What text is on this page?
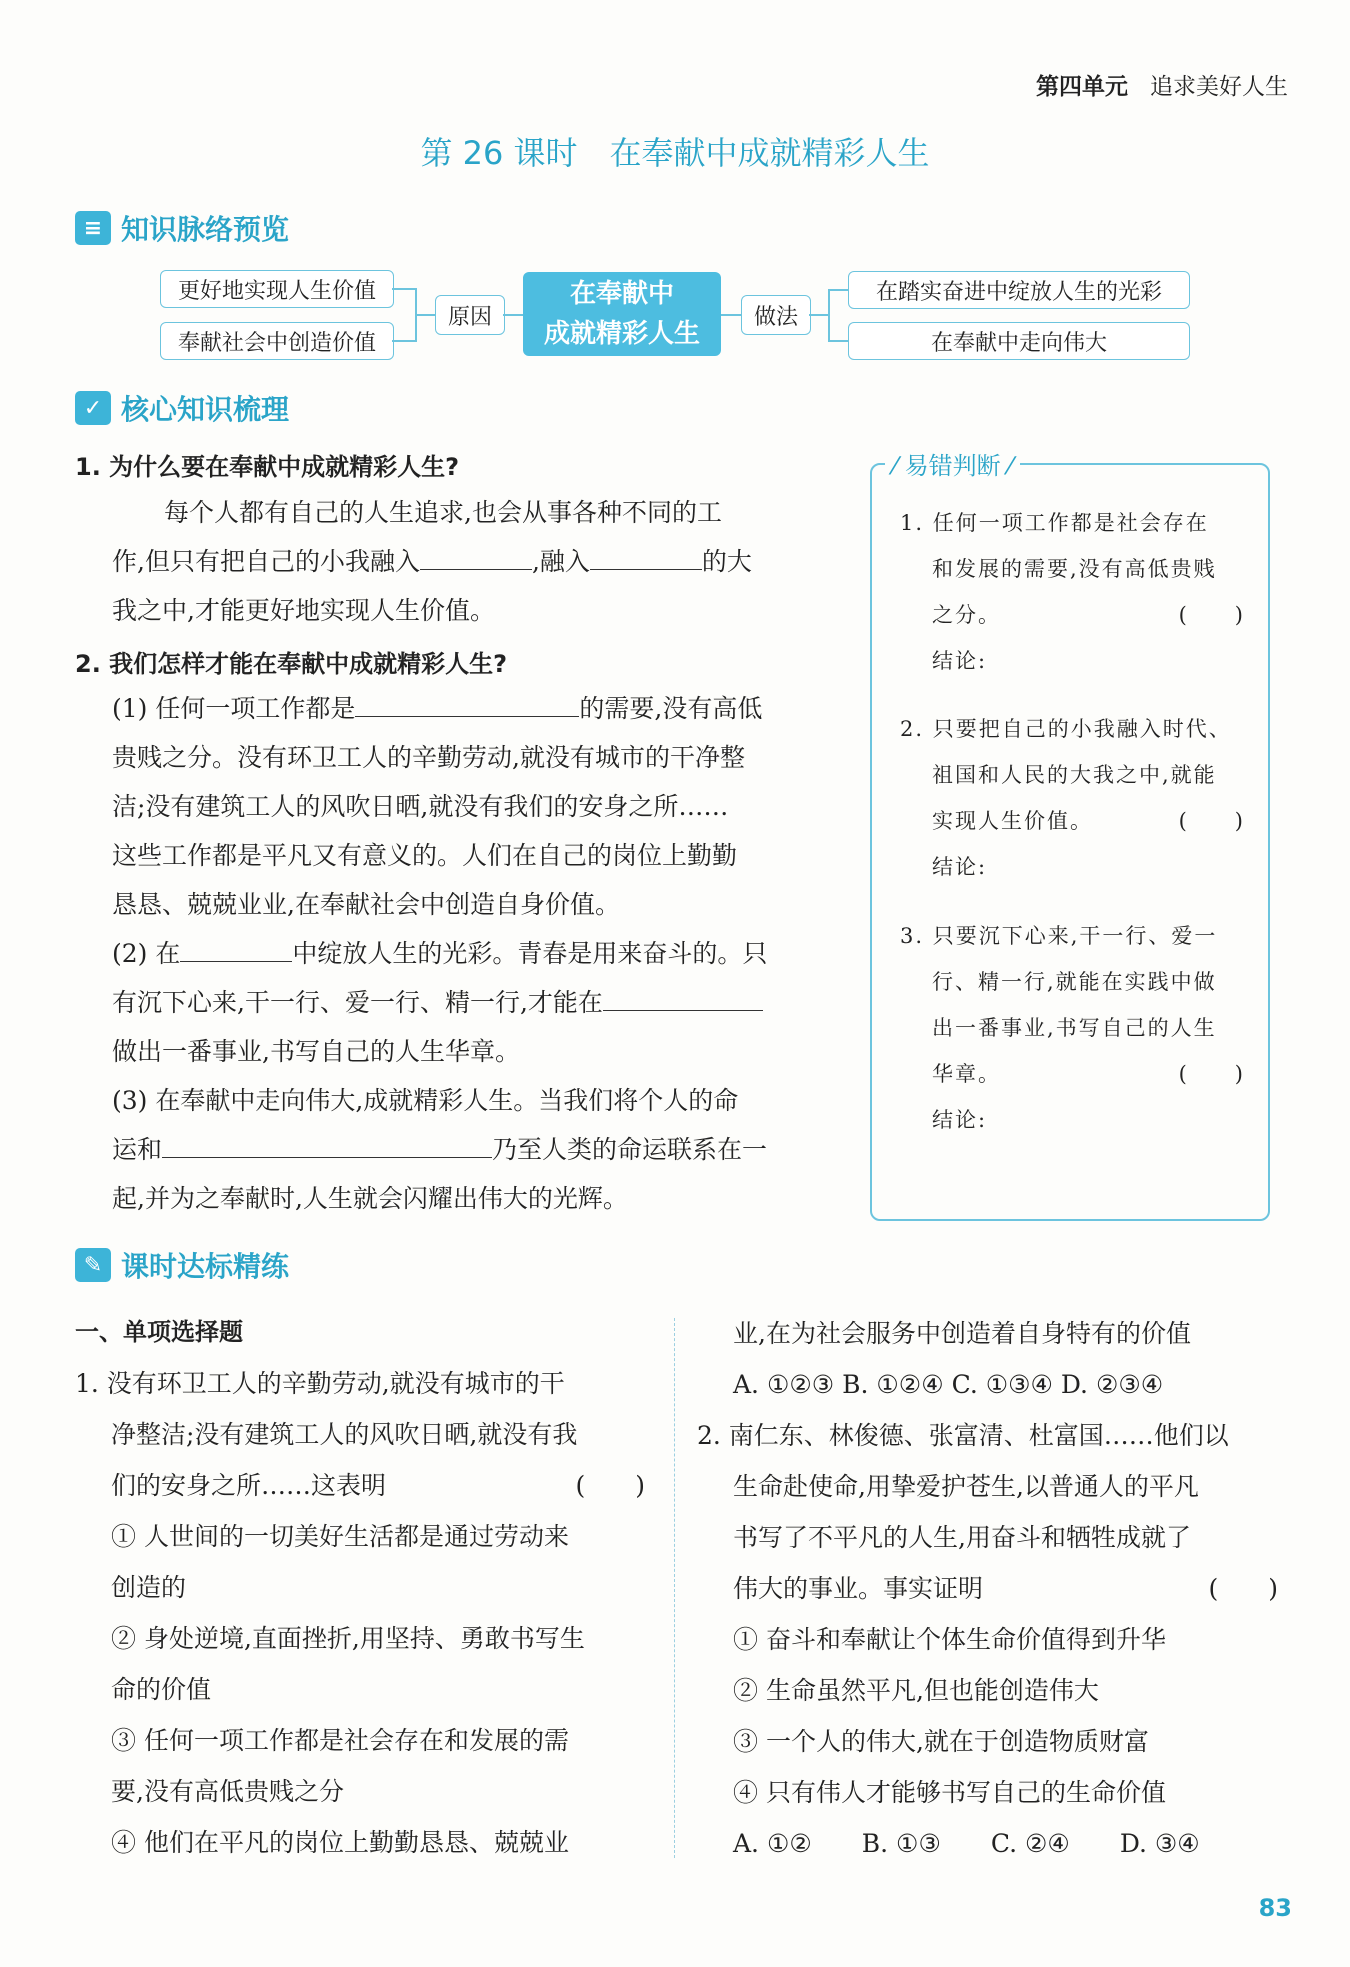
第四单元 追求美好人生
第 26 课时　在奉献中成就精彩人生
≡ 知识脉络预览
更好地实现人生价值
奉献社会中创造价值
原因
在奉献中
成就精彩人生
做法
在踏实奋进中绽放人生的光彩
在奉献中走向伟大
✓ 核心知识梳理
1. 为什么要在奉献中成就精彩人生?
每个人都有自己的人生追求,也会从事各种不同的工
作,但只有把自己的小我融入	,融入	的大
我之中,才能更好地实现人生价值。
2. 我们怎样才能在奉献中成就精彩人生?
(1) 任何一项工作都是	的需要,没有高低
贵贱之分。没有环卫工人的辛勤劳动,就没有城市的干净整
洁;没有建筑工人的风吹日晒,就没有我们的安身之所……
这些工作都是平凡又有意义的。人们在自己的岗位上勤勤
恳恳、兢兢业业,在奉献社会中创造自身价值。
(2) 在	中绽放人生的光彩。青春是用来奋斗的。只
有沉下心来,干一行、爱一行、精一行,才能在
做出一番事业,书写自己的人生华章。
(3) 在奉献中走向伟大,成就精彩人生。当我们将个人的命
运和	乃至人类的命运联系在一
起,并为之奉献时,人生就会闪耀出伟大的光辉。
⁄ 易错判断 ⁄
1. 任何一项工作都是社会存在
和发展的需要,没有高低贵贱
之分。	(　　)
结论:
2. 只要把自己的小我融入时代、
祖国和人民的大我之中,就能
实现人生价值。	(　　)
结论:
3. 只要沉下心来,干一行、爱一
行、精一行,就能在实践中做
出一番事业,书写自己的人生
华章。	(　　)
结论:
✎ 课时达标精练
一、单项选择题
1. 没有环卫工人的辛勤劳动,就没有城市的干
净整洁;没有建筑工人的风吹日晒,就没有我
们的安身之所……这表明	(　　)
① 人世间的一切美好生活都是通过劳动来
创造的
② 身处逆境,直面挫折,用坚持、勇敢书写生
命的价值
③ 任何一项工作都是社会存在和发展的需
要,没有高低贵贱之分
④ 他们在平凡的岗位上勤勤恳恳、兢兢业
业,在为社会服务中创造着自身特有的价值
A. ①②③ B. ①②④ C. ①③④ D. ②③④
2. 南仁东、林俊德、张富清、杜富国……他们以
生命赴使命,用挚爱护苍生,以普通人的平凡
书写了不平凡的人生,用奋斗和牺牲成就了
伟大的事业。事实证明	(　　)
① 奋斗和奉献让个体生命价值得到升华
② 生命虽然平凡,但也能创造伟大
③ 一个人的伟大,就在于创造物质财富
④ 只有伟人才能够书写自己的生命价值
A. ①②　　B. ①③　　C. ②④　　D. ③④
83
